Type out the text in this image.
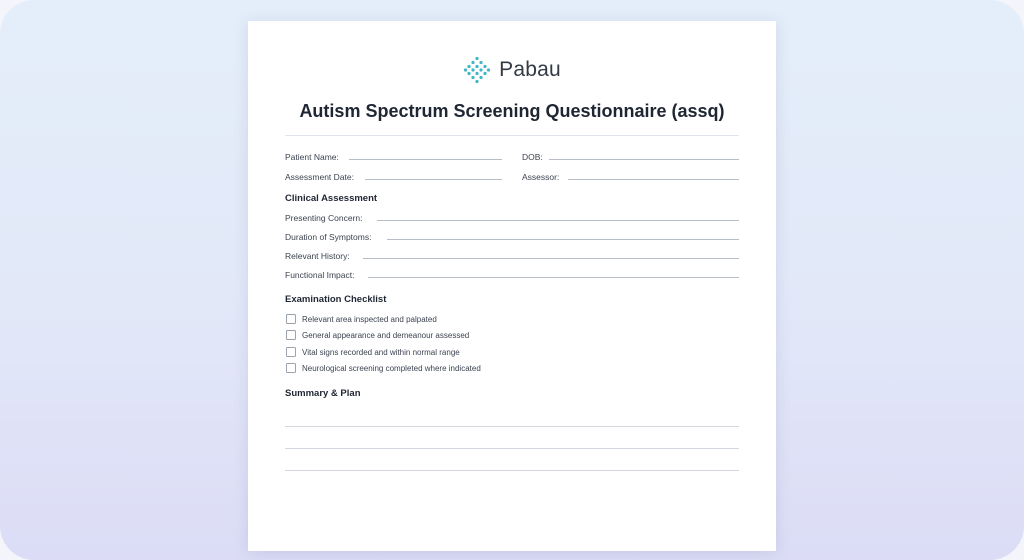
Pabau
Autism Spectrum Screening Questionnaire (assq)
Patient Name:	DOB:
Assessment Date:	Assessor:
Clinical Assessment
Presenting Concern:
Duration of Symptoms:
Relevant History:
Functional Impact:
Examination Checklist
Relevant area inspected and palpated
General appearance and demeanour assessed
Vital signs recorded and within normal range
Neurological screening completed where indicated
Summary & Plan
